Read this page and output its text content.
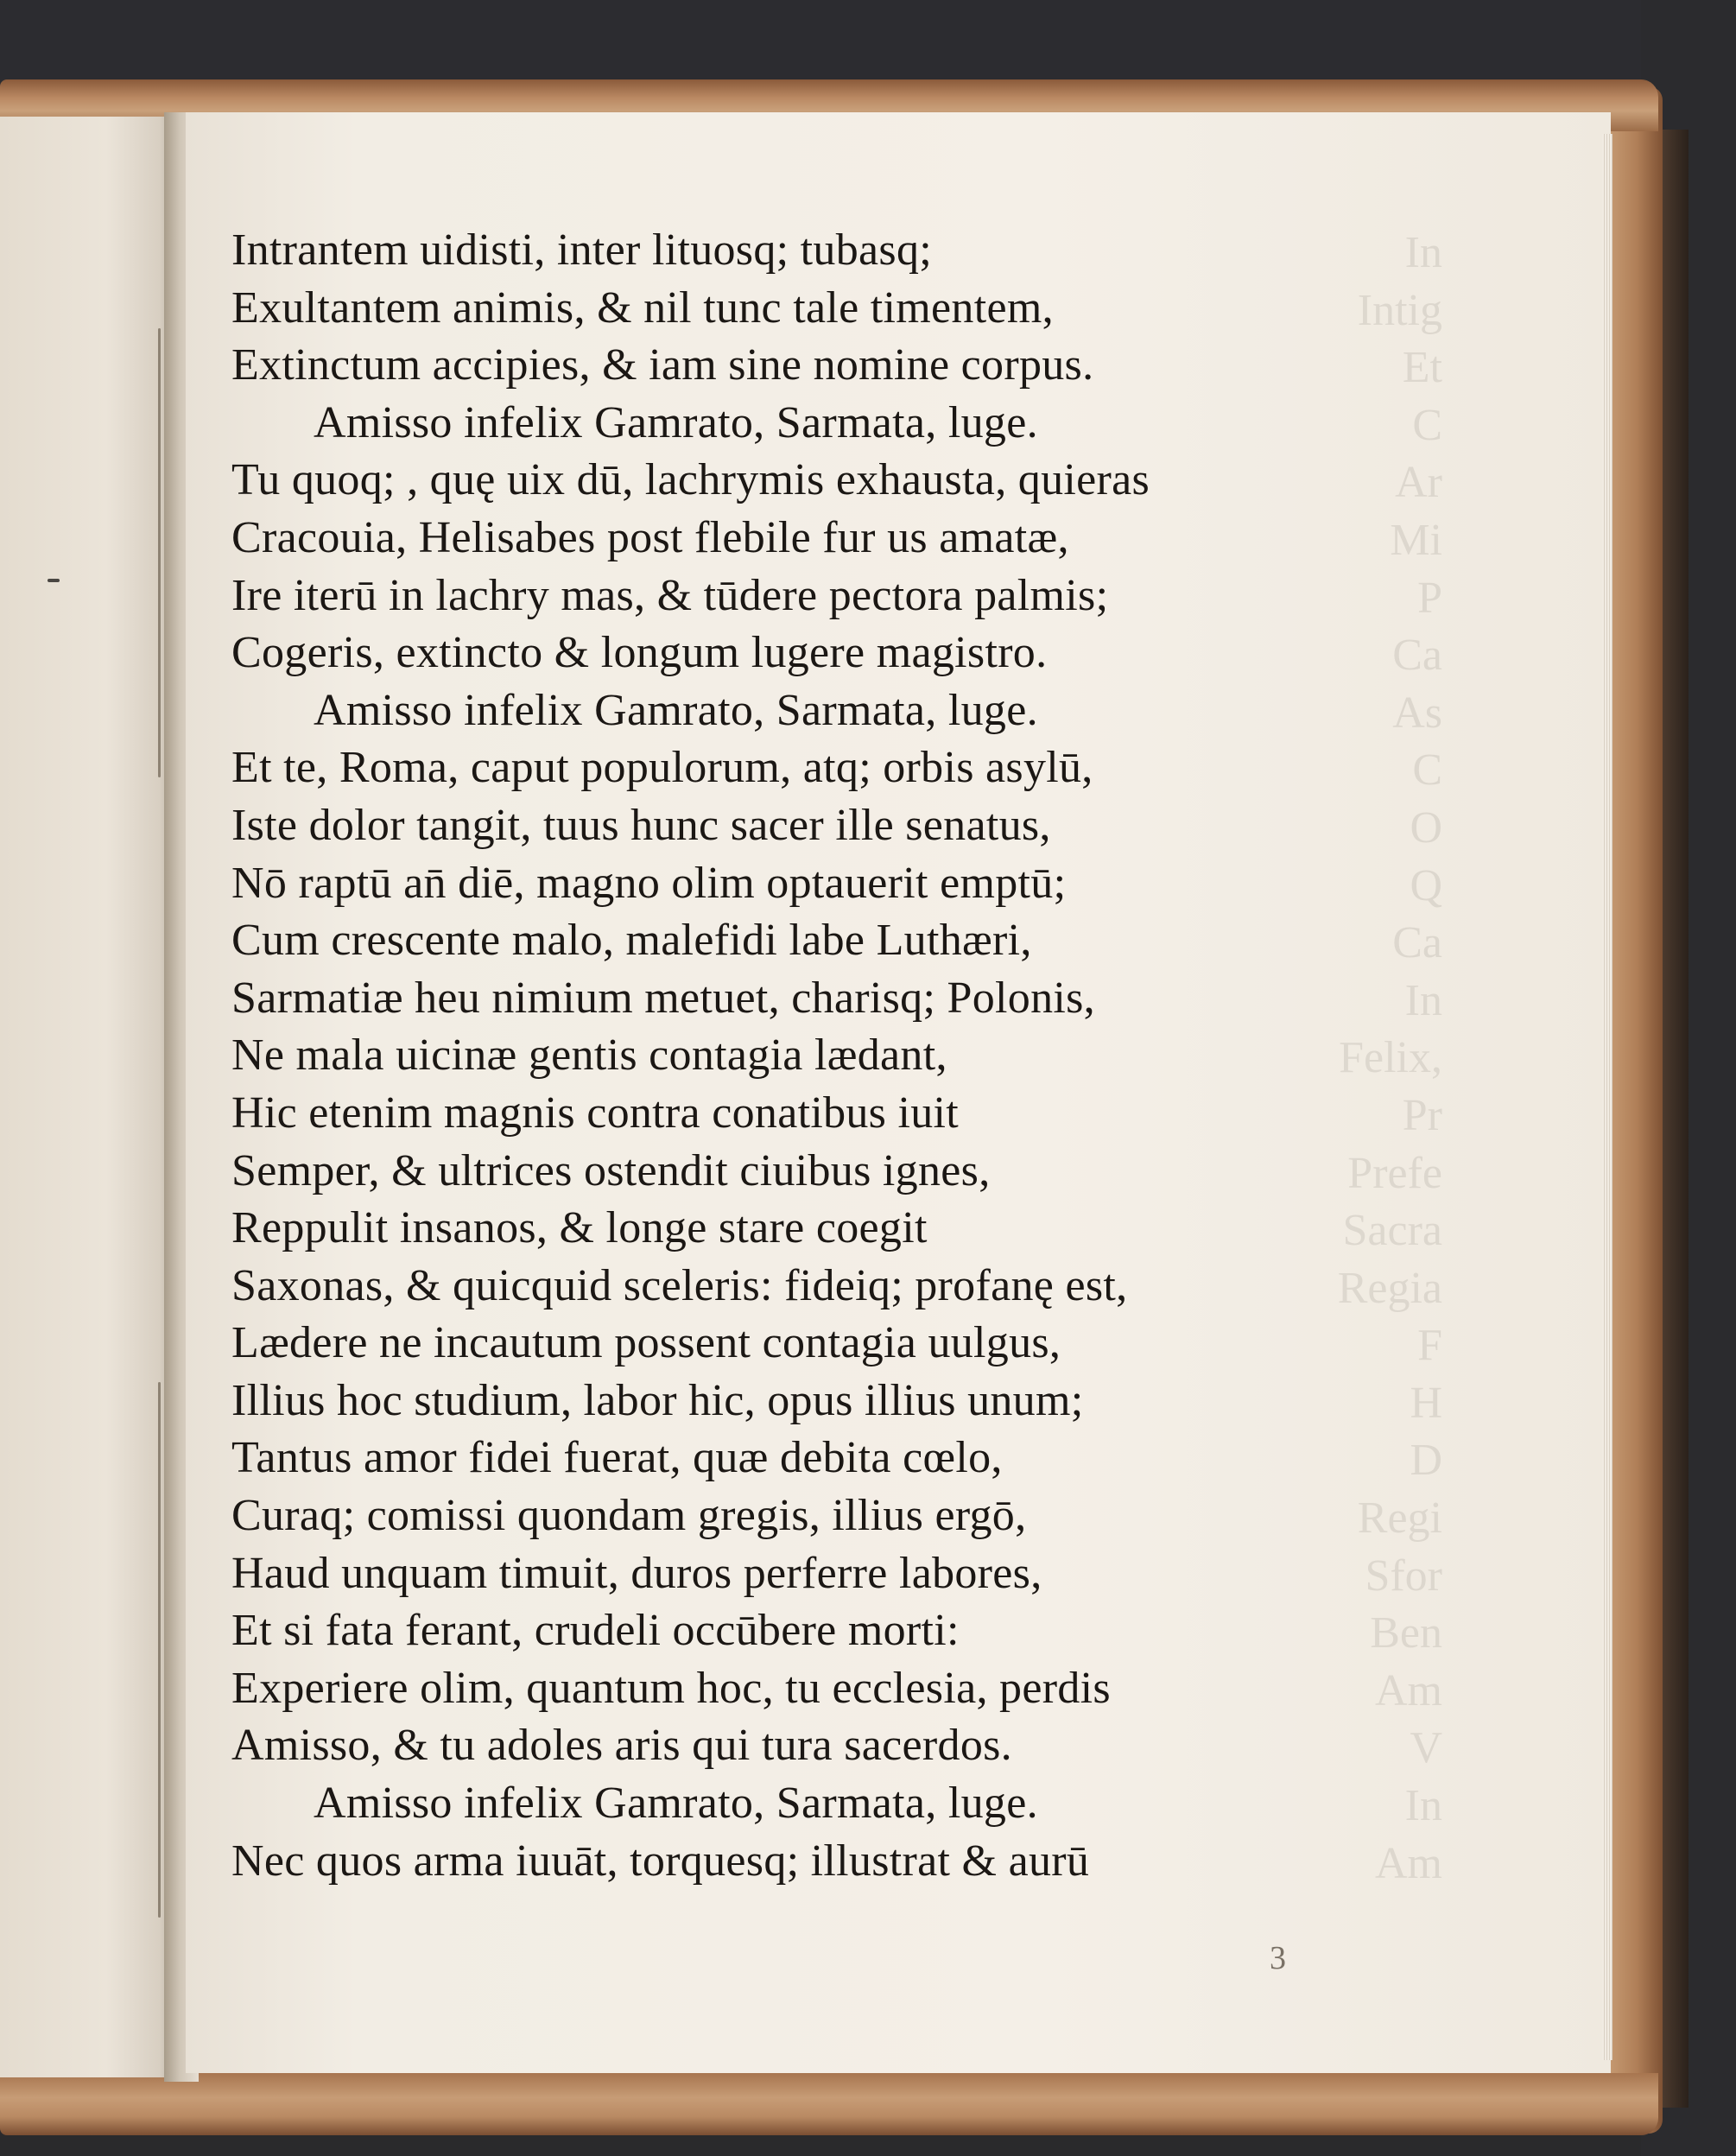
In
Intig
Et
C
Ar
Mi
P
Ca
As
C
O
Q
Ca
In
Felix,
Pr
Prefe
Sacra
Regia
F
H
D
Regi
Sfor
Ben
Am
V
In
Am
Intrantem uidisti, inter lituosq; tubasq;
Exultantem animis, & nil tunc tale timentem,
Extinctum accipies, & iam sine nomine corpus.
Amisso infelix Gamrato, Sarmata, luge.
Tu quoq; , quę uix dū, lachrymis exhausta, quieras
Cracouia, Helisabes post flebile fur us amatæ,
Ire iterū in lachry mas, & tūdere pectora palmis;
Cogeris, extincto & longum lugere magistro.
Amisso infelix Gamrato, Sarmata, luge.
Et te, Roma, caput populorum, atq; orbis asylū,
Iste dolor tangit, tuus hunc sacer ille senatus,
Nō raptū an̄ diē, magno olim optauerit emptū;
Cum crescente malo, malefidi labe Luthæri,
Sarmatiæ heu nimium metuet, charisq; Polonis,
Ne mala uicinæ gentis contagia lædant,
Hic etenim magnis contra conatibus iuit
Semper, & ultrices ostendit ciuibus ignes,
Reppulit insanos, & longe stare coegit
Saxonas, & quicquid sceleris: fideiq; profanę est,
Lædere ne incautum possent contagia uulgus,
Illius hoc studium, labor hic, opus illius unum;
Tantus amor fidei fuerat, quæ debita cœlo,
Curaq; comissi quondam gregis, illius ergō,
Haud unquam timuit, duros perferre labores,
Et si fata ferant, crudeli occūbere morti:
Experiere olim, quantum hoc, tu ecclesia, perdis
Amisso, & tu adoles aris qui tura sacerdos.
Amisso infelix Gamrato, Sarmata, luge.
Nec quos arma iuuāt, torquesq; illustrat & aurū
3
